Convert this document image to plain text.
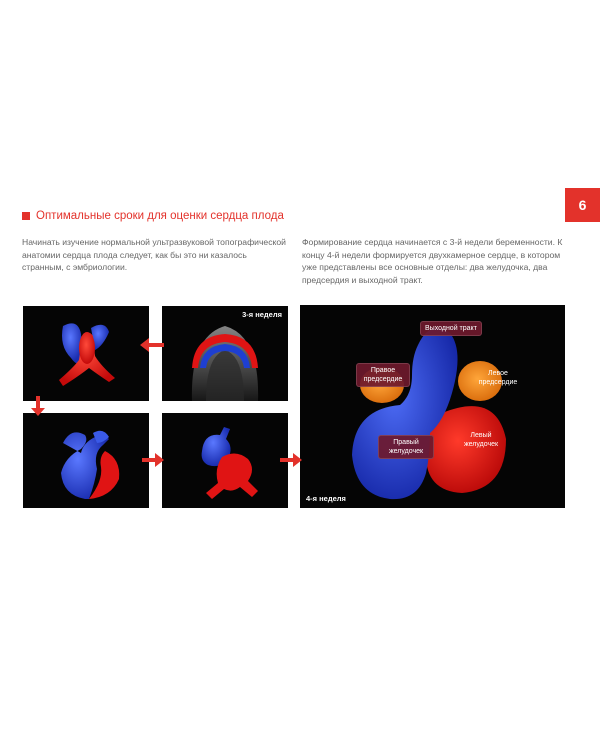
6
Оптимальные сроки для оценки сердца плода
Начинать изучение нормальной ультразвуковой топографической анатомии сердца плода следует, как бы это ни казалось странным, с эмбриологии.
Формирование сердца начинается с 3-й недели беременности. К концу 4-й недели формируется двухкамерное сердце, в котором уже представлены все основные отделы: два желудочка, два предсердия и выходной тракт.
3-я неделя
Выходной тракт
Правое предсердие
Левое предсердие
Правый желудочек
Левый желудочек
4-я неделя
